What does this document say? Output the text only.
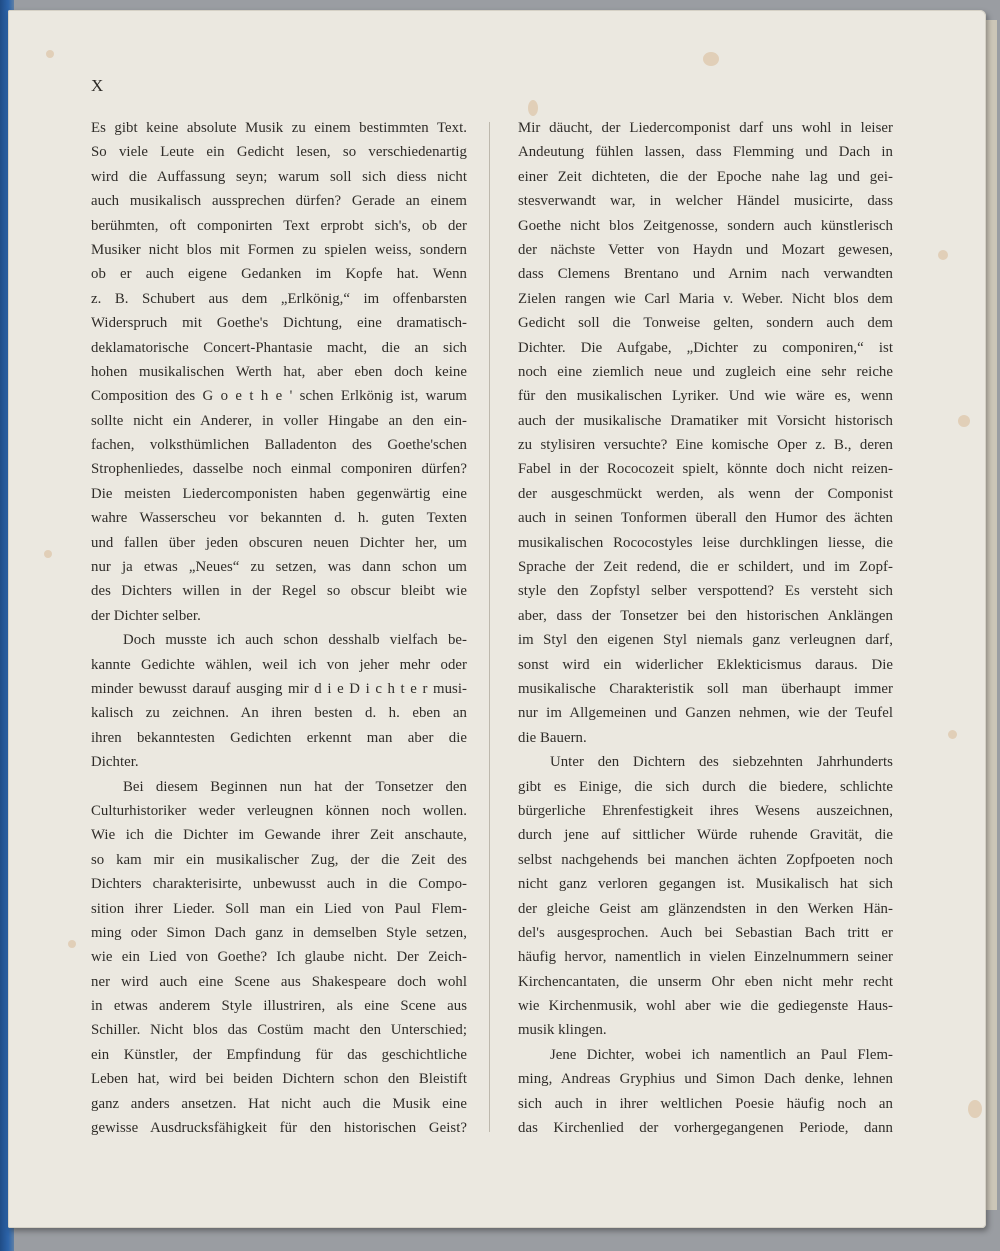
X
Es gibt keine absolute Musik zu einem bestimmten Text.
So viele Leute ein Gedicht lesen, so verschiedenartig
wird die Auffassung seyn; warum soll sich diess nicht
auch musikalisch aussprechen dürfen? Gerade an einem
berühmten, oft componirten Text erprobt sich's, ob der
Musiker nicht blos mit Formen zu spielen weiss, sondern
ob er auch eigene Gedanken im Kopfe hat. Wenn
z. B. Schubert aus dem „Erlkönig,“ im offenbarsten
Widerspruch mit Goethe's Dichtung, eine dramatisch-
deklamatorische Concert-Phantasie macht, die an sich
hohen musikalischen Werth hat, aber eben doch keine
Composition des G o e t h e ' schen Erlkönig ist, warum
sollte nicht ein Anderer, in voller Hingabe an den ein-
fachen, volksthümlichen Balladenton des Goethe'schen
Strophenliedes, dasselbe noch einmal componiren dürfen?
Die meisten Liedercomponisten haben gegenwärtig eine
wahre Wasserscheu vor bekannten d. h. guten Texten
und fallen über jeden obscuren neuen Dichter her, um
nur ja etwas „Neues“ zu setzen, was dann schon um
des Dichters willen in der Regel so obscur bleibt wie
der Dichter selber.
Doch musste ich auch schon desshalb vielfach be-
kannte Gedichte wählen, weil ich von jeher mehr oder
minder bewusst darauf ausging mir d i e D i c h t e r musi-
kalisch zu zeichnen. An ihren besten d. h. eben an
ihren bekanntesten Gedichten erkennt man aber die
Dichter.
Bei diesem Beginnen nun hat der Tonsetzer den
Culturhistoriker weder verleugnen können noch wollen.
Wie ich die Dichter im Gewande ihrer Zeit anschaute,
so kam mir ein musikalischer Zug, der die Zeit des
Dichters charakterisirte, unbewusst auch in die Compo-
sition ihrer Lieder. Soll man ein Lied von Paul Flem-
ming oder Simon Dach ganz in demselben Style setzen,
wie ein Lied von Goethe? Ich glaube nicht. Der Zeich-
ner wird auch eine Scene aus Shakespeare doch wohl
in etwas anderem Style illustriren, als eine Scene aus
Schiller. Nicht blos das Costüm macht den Unterschied;
ein Künstler, der Empfindung für das geschichtliche
Leben hat, wird bei beiden Dichtern schon den Bleistift
ganz anders ansetzen. Hat nicht auch die Musik eine
gewisse Ausdrucksfähigkeit für den historischen Geist?
Mir däucht, der Liedercomponist darf uns wohl in leiser
Andeutung fühlen lassen, dass Flemming und Dach in
einer Zeit dichteten, die der Epoche nahe lag und gei-
stesverwandt war, in welcher Händel musicirte, dass
Goethe nicht blos Zeitgenosse, sondern auch künstlerisch
der nächste Vetter von Haydn und Mozart gewesen,
dass Clemens Brentano und Arnim nach verwandten
Zielen rangen wie Carl Maria v. Weber. Nicht blos dem
Gedicht soll die Tonweise gelten, sondern auch dem
Dichter. Die Aufgabe, „Dichter zu componiren,“ ist
noch eine ziemlich neue und zugleich eine sehr reiche
für den musikalischen Lyriker. Und wie wäre es, wenn
auch der musikalische Dramatiker mit Vorsicht historisch
zu stylisiren versuchte? Eine komische Oper z. B., deren
Fabel in der Rococozeit spielt, könnte doch nicht reizen-
der ausgeschmückt werden, als wenn der Componist
auch in seinen Tonformen überall den Humor des ächten
musikalischen Rococostyles leise durchklingen liesse, die
Sprache der Zeit redend, die er schildert, und im Zopf-
style den Zopfstyl selber verspottend? Es versteht sich
aber, dass der Tonsetzer bei den historischen Anklängen
im Styl den eigenen Styl niemals ganz verleugnen darf,
sonst wird ein widerlicher Eklekticismus daraus. Die
musikalische Charakteristik soll man überhaupt immer
nur im Allgemeinen und Ganzen nehmen, wie der Teufel
die Bauern.
Unter den Dichtern des siebzehnten Jahrhunderts
gibt es Einige, die sich durch die biedere, schlichte
bürgerliche Ehrenfestigkeit ihres Wesens auszeichnen,
durch jene auf sittlicher Würde ruhende Gravität, die
selbst nachgehends bei manchen ächten Zopfpoeten noch
nicht ganz verloren gegangen ist. Musikalisch hat sich
der gleiche Geist am glänzendsten in den Werken Hän-
del's ausgesprochen. Auch bei Sebastian Bach tritt er
häufig hervor, namentlich in vielen Einzelnummern seiner
Kirchencantaten, die unserm Ohr eben nicht mehr recht
wie Kirchenmusik, wohl aber wie die gediegenste Haus-
musik klingen.
Jene Dichter, wobei ich namentlich an Paul Flem-
ming, Andreas Gryphius und Simon Dach denke, lehnen
sich auch in ihrer weltlichen Poesie häufig noch an
das Kirchenlied der vorhergegangenen Periode, dann
